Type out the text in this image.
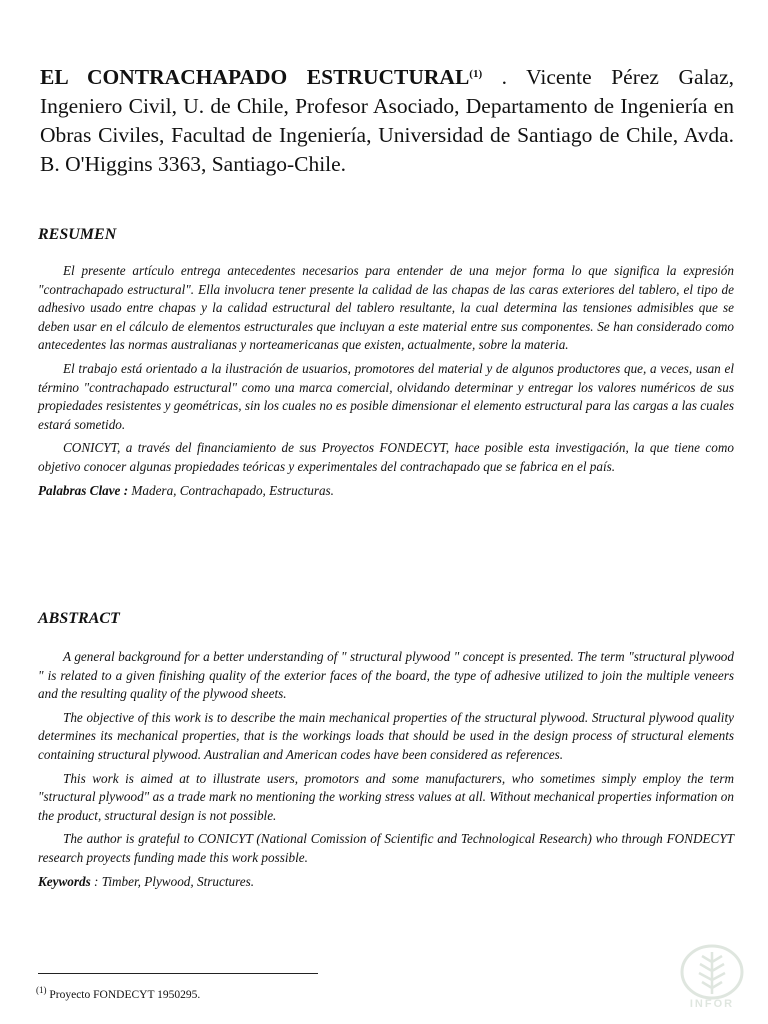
EL CONTRACHAPADO ESTRUCTURAL$^{(1)}$ . Vicente Pérez Galaz, Ingeniero Civil, U. de Chile, Profesor Asociado, Departamento de Ingeniería en Obras Civiles, Facultad de Ingeniería, Universidad de Santiago de Chile, Avda. B. O'Higgins 3363, Santiago-Chile.

RESUMEN

El presente artículo entrega antecedentes necesarios para entender de una mejor forma lo que significa la expresión "contrachapado estructural". Ella involucra tener presente la calidad de las chapas de las caras exteriores del tablero, el tipo de adhesivo usado entre chapas y la calidad estructural del tablero resultante, la cual determina las tensiones admisibles que se deben usar en el cálculo de elementos estructurales que incluyan a este material entre sus componentes. Se han considerado como antecedentes las normas australianas y norteamericanas que existen, actualmente, sobre la materia.

El trabajo está orientado a la ilustración de usuarios, promotores del material y de algunos productores que, a veces, usan el término "contrachapado estructural" como una marca comercial, olvidando determinar y entregar los valores numéricos de sus propiedades resistentes y geométricas, sin los cuales no es posible dimensionar el elemento estructural para las cargas a las cuales estará sometido.

CONICYT, a través del financiamiento de sus Proyectos FONDECYT, hace posible esta investigación, la que tiene como objetivo conocer algunas propiedades teóricas y experimentales del contrachapado que se fabrica en el país.

Palabras Clave : Madera, Contrachapado, Estructuras.

ABSTRACT

A general background for a better understanding of " structural plywood " concept is presented. The term "structural plywood " is related to a given finishing quality of the exterior faces of the board, the type of adhesive utilized to join the multiple veneers and the resulting quality of the plywood sheets.

The objective of this work is to describe the main mechanical properties of the structural plywood. Structural plywood quality determines its mechanical properties, that is the workings loads that should be used in the design process of structural elements containing structural plywood. Australian and American codes have been considered as references.

This work is aimed at to illustrate users, promotors and some manufacturers, who sometimes simply employ the term "structural plywood" as a trade mark no mentioning the working stress values at all. Without mechanical properties information on the product, structural design is not possible.

The author is grateful to CONICYT (National Comission of Scientific and Technological Research) who through FONDECYT research proyects funding made this work possible.

Keywords : Timber, Plywood, Structures.

$^{(1)}$ Proyecto FONDECYT 1950295.
INFOR
